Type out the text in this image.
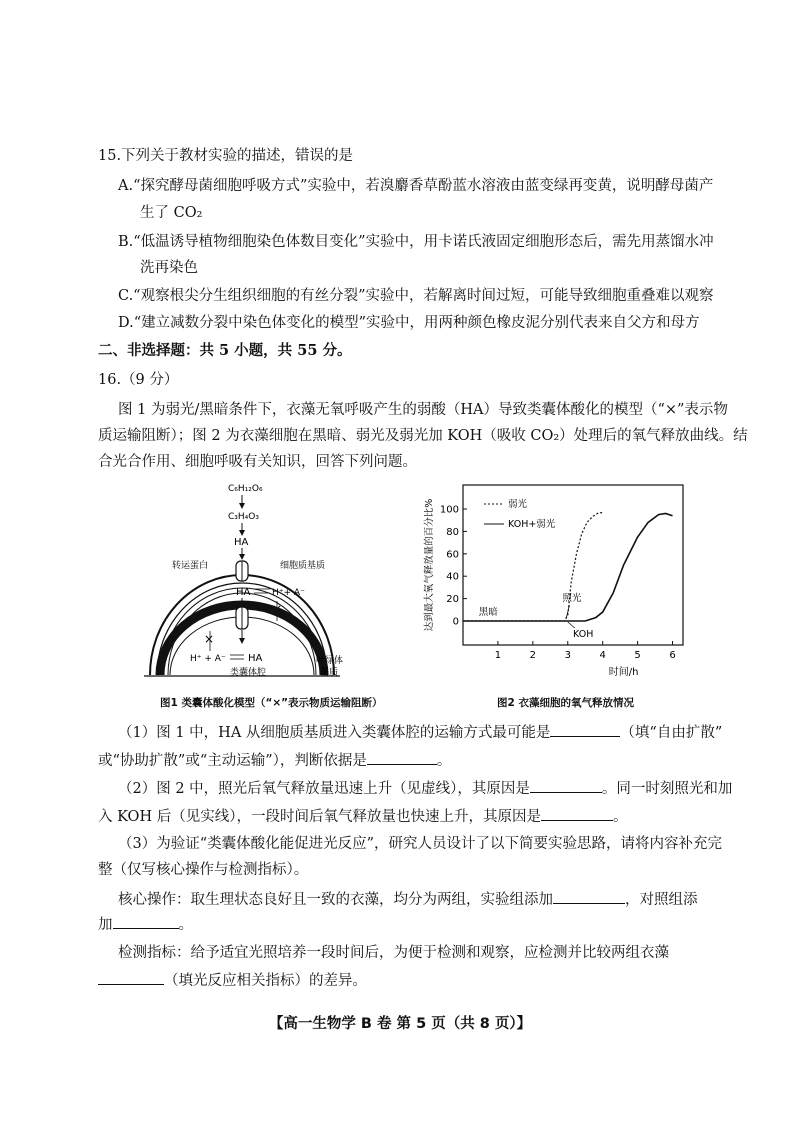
15.下列关于教材实验的描述，错误的是
A.“探究酵母菌细胞呼吸方式”实验中，若溴麝香草酚蓝水溶液由蓝变绿再变黄，说明酵母菌产
生了 CO₂
B.“低温诱导植物细胞染色体数目变化”实验中，用卡诺氏液固定细胞形态后，需先用蒸馏水冲
洗再染色
C.“观察根尖分生组织细胞的有丝分裂”实验中，若解离时间过短，可能导致细胞重叠难以观察
D.“建立减数分裂中染色体变化的模型”实验中，用两种颜色橡皮泥分别代表来自父方和母方
二、非选择题：共 5 小题，共 55 分。
16.（9 分）
图 1 为弱光/黑暗条件下，衣藻无氧呼吸产生的弱酸（HA）导致类囊体酸化的模型（“×”表示物
质运输阻断）；图 2 为衣藻细胞在黑暗、弱光及弱光加 KOH（吸收 CO₂）处理后的氧气释放曲线。结
合光合作用、细胞呼吸有关知识，回答下列问题。
C₆H₁₂O₆
C₃H₄O₃
HA
转运蛋白	细胞质基质
HA H⁺+ A⁻
×
×
H⁺ + A⁻ HA
类囊体腔
叶绿体
基质
图1 类囊体酸化模型（“×”表示物质运输阻断）
1	2	3	4	5	6
0
20
40
60
80
100
达到最大氧气释放量的百分比%
时间/h
弱光
KOH+弱光
黑暗
照光
KOH
图2 衣藻细胞的氧气释放情况
（1）图 1 中，HA 从细胞质基质进入类囊体腔的运输方式最可能是	（填“自由扩散”
或“协助扩散”或“主动运输”），判断依据是	。
（2）图 2 中，照光后氧气释放量迅速上升（见虚线），其原因是	。同一时刻照光和加
入 KOH 后（见实线），一段时间后氧气释放量也快速上升，其原因是	。
（3）为验证“类囊体酸化能促进光反应”，研究人员设计了以下简要实验思路，请将内容补充完
整（仅写核心操作与检测指标）。
核心操作：取生理状态良好且一致的衣藻，均分为两组，实验组添加	，对照组添
加	。
检测指标：给予适宜光照培养一段时间后，为便于检测和观察，应检测并比较两组衣藻
（填光反应相关指标）的差异。
【高一生物学 B 卷 第 5 页（共 8 页）】
